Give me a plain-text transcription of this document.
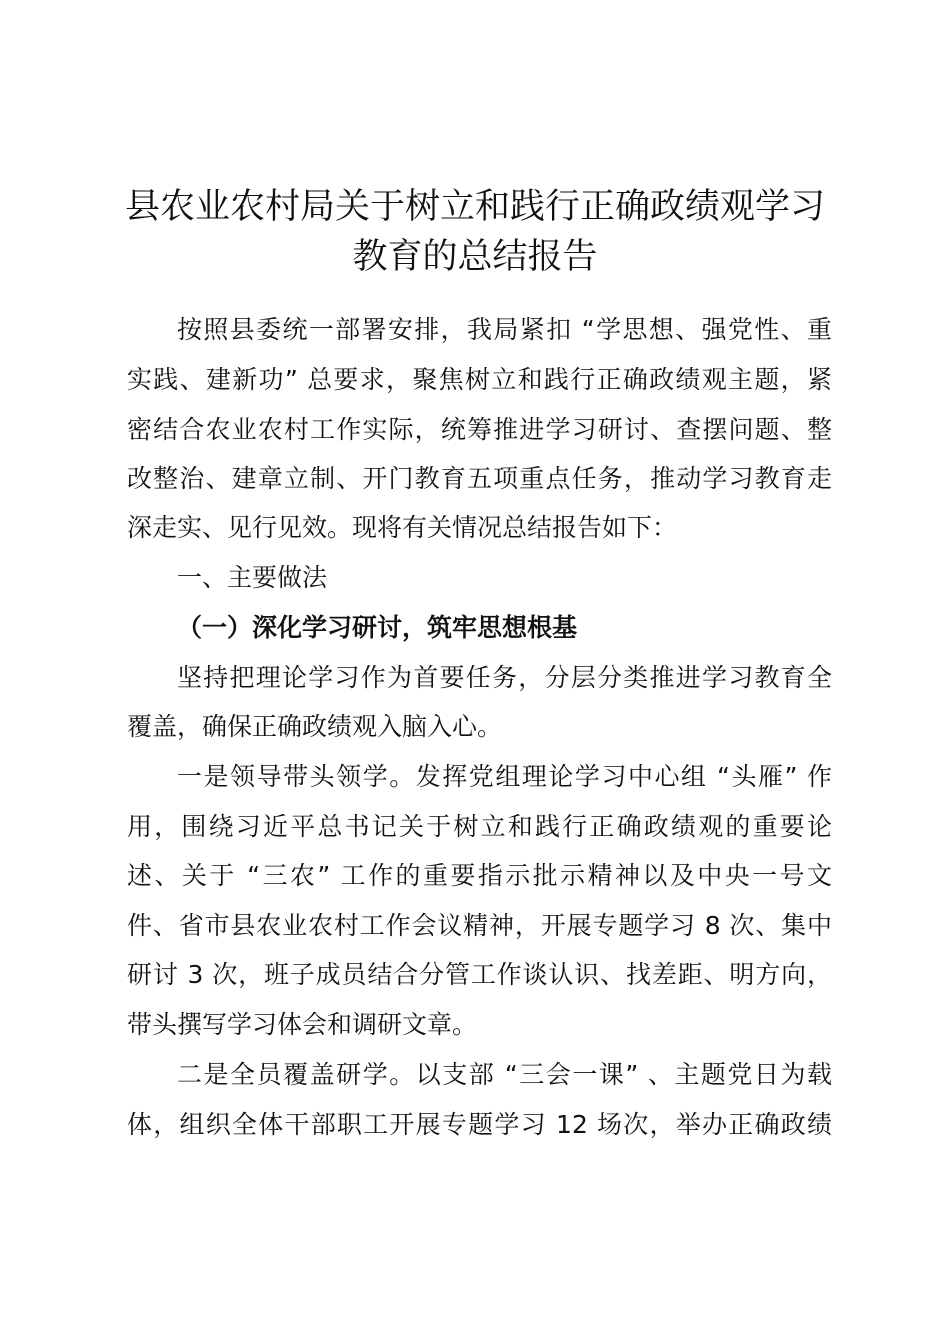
县农业农村局关于树立和践行正确政绩观学习
教育的总结报告

按照县委统一部署安排，我局紧扣 “学思想、强党性、重

实践、建新功” 总要求，聚焦树立和践行正确政绩观主题，紧

密结合农业农村工作实际，统筹推进学习研讨、查摆问题、整

改整治、建章立制、开门教育五项重点任务，推动学习教育走

深走实、见行见效。现将有关情况总结报告如下：

一、主要做法

（一）深化学习研讨，筑牢思想根基

坚持把理论学习作为首要任务，分层分类推进学习教育全

覆盖，确保正确政绩观入脑入心。

一是领导带头领学。发挥党组理论学习中心组 “头雁” 作

用，围绕习近平总书记关于树立和践行正确政绩观的重要论

述、关于 “三农” 工作的重要指示批示精神以及中央一号文

件、省市县农业农村工作会议精神，开展专题学习 8 次、集中

研讨 3 次，班子成员结合分管工作谈认识、找差距、明方向，

带头撰写学习体会和调研文章。

二是全员覆盖研学。以支部 “三会一课” 、主题党日为载

体，组织全体干部职工开展专题学习 12 场次，举办正确政绩
